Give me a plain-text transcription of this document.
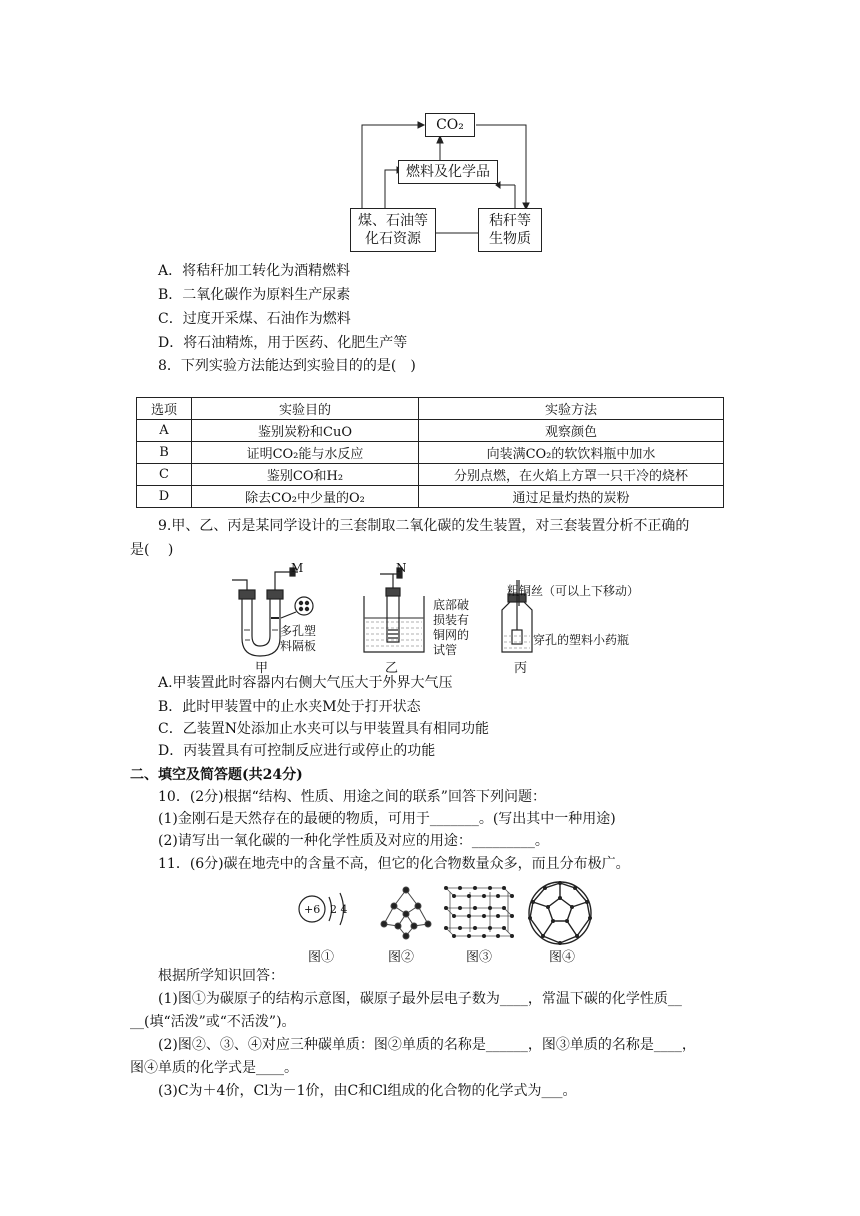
CO₂
燃料及化学品
煤、石油等
化石资源
秸秆等
生物质
A．将秸秆加工转化为酒精燃料
B．二氧化碳作为原料生产尿素
C．过度开采煤、石油作为燃料
D．将石油精炼，用于医药、化肥生产等
8．下列实验方法能达到实验目的的是(　)
选项	实验目的	实验方法
A	鉴别炭粉和CuO	观察颜色
B	证明CO₂能与水反应	向装满CO₂的软饮料瓶中加水
C	鉴别CO和H₂	分别点燃，在火焰上方罩一只干冷的烧杯
D	除去CO₂中少量的O₂	通过足量灼热的炭粉
9.甲、乙、丙是某同学设计的三套制取二氧化碳的发生装置，对三套装置分析不正确的
是(　 )
M
多孔塑
料隔板
甲
N
底部破
损装有
铜网的
试管
乙
粗铜丝（可以上下移动）
穿孔的塑料小药瓶
丙
A.甲装置此时容器内右侧大气压大于外界大气压
B．此时甲装置中的止水夹M处于打开状态
C．乙装置N处添加止水夹可以与甲装置具有相同功能
D．丙装置具有可控制反应进行或停止的功能
二、填空及简答题(共24分)
10．(2分)根据“结构、性质、用途之间的联系”回答下列问题：
(1)金刚石是天然存在的最硬的物质，可用于_______。(写出其中一种用途)
(2)请写出一氧化碳的一种化学性质及对应的用途：_________。
11．(6分)碳在地壳中的含量不高，但它的化合物数量众多，而且分布极广。
+6 2 4
图①	图②	图③	图④
根据所学知识回答：
(1)图①为碳原子的结构示意图，碳原子最外层电子数为____，常温下碳的化学性质__
__(填“活泼”或“不活泼”)。
(2)图②、③、④对应三种碳单质：图②单质的名称是______，图③单质的名称是____，
图④单质的化学式是____。
(3)C为＋4价，Cl为－1价，由C和Cl组成的化合物的化学式为___。
